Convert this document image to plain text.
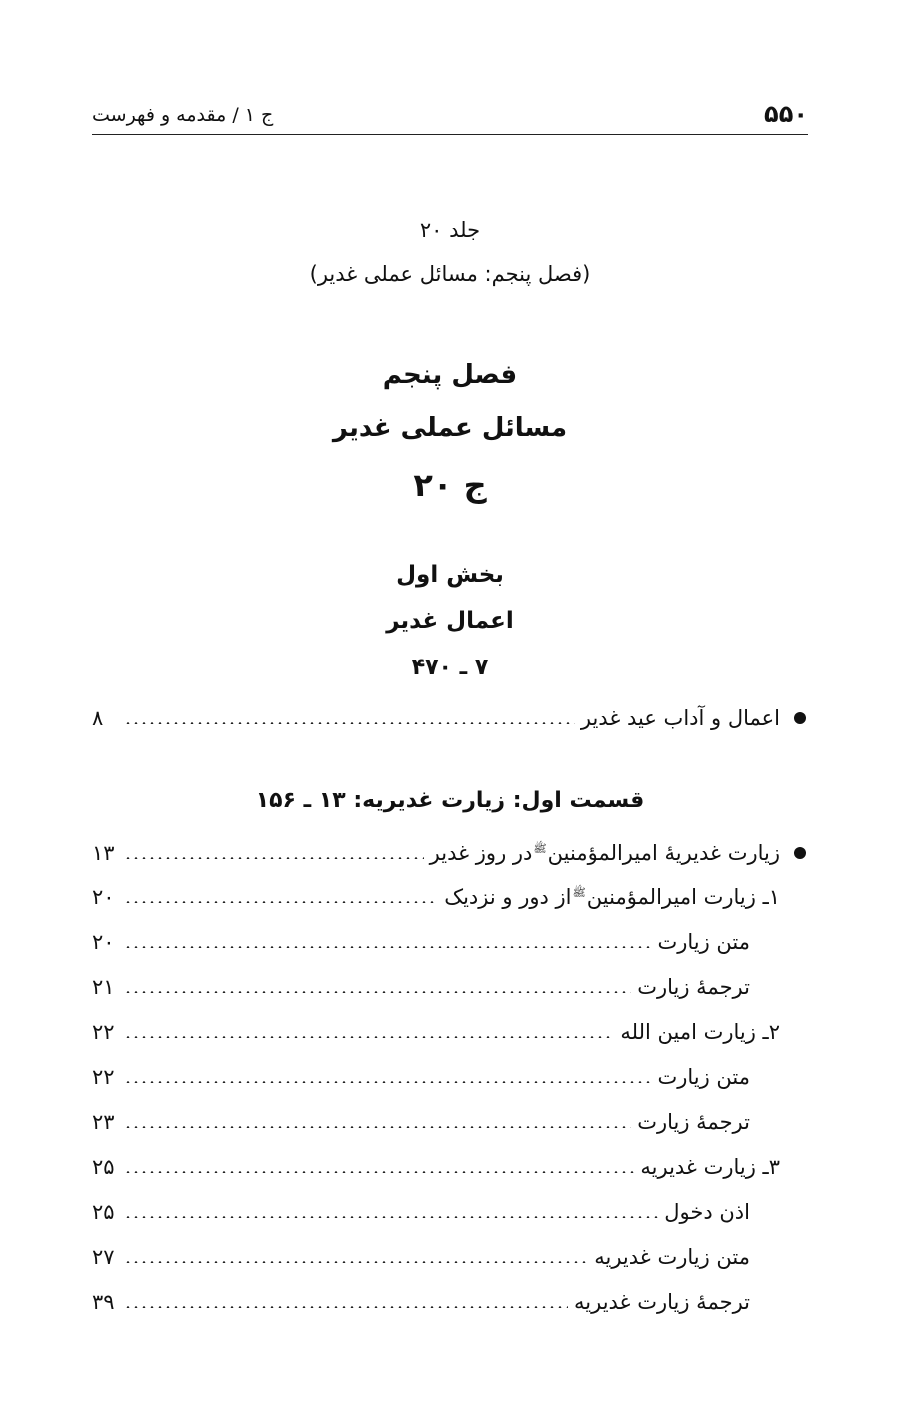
۵۵۰
ج ۱ / مقدمه و فهرست
جلد ۲۰
(فصل پنجم: مسائل عملی غدیر)
فصل پنجم
مسائل عملی غدیر
ج ۲۰
بخش اول
اعمال غدیر
۷ ـ ۴۷۰
اعمال و آداب عید غدیر
۸
قسمت اول: زیارت غدیریه: ۱۳ ـ ۱۵۶
زیارت غدیریهٔ امیرالمؤمنین$^ﷺ$در روز غدیر
۱۳
۱ـ زیارت امیرالمؤمنین$^ﷺ$از دور و نزدیک
۲۰
متن زیارت
۲۰
ترجمهٔ زیارت
۲۱
۲ـ زیارت امین الله
۲۲
متن زیارت
۲۲
ترجمهٔ زیارت
۲۳
۳ـ زیارت غدیریه
۲۵
اذن دخول
۲۵
متن زیارت غدیریه
۲۷
ترجمهٔ زیارت غدیریه
۳۹
